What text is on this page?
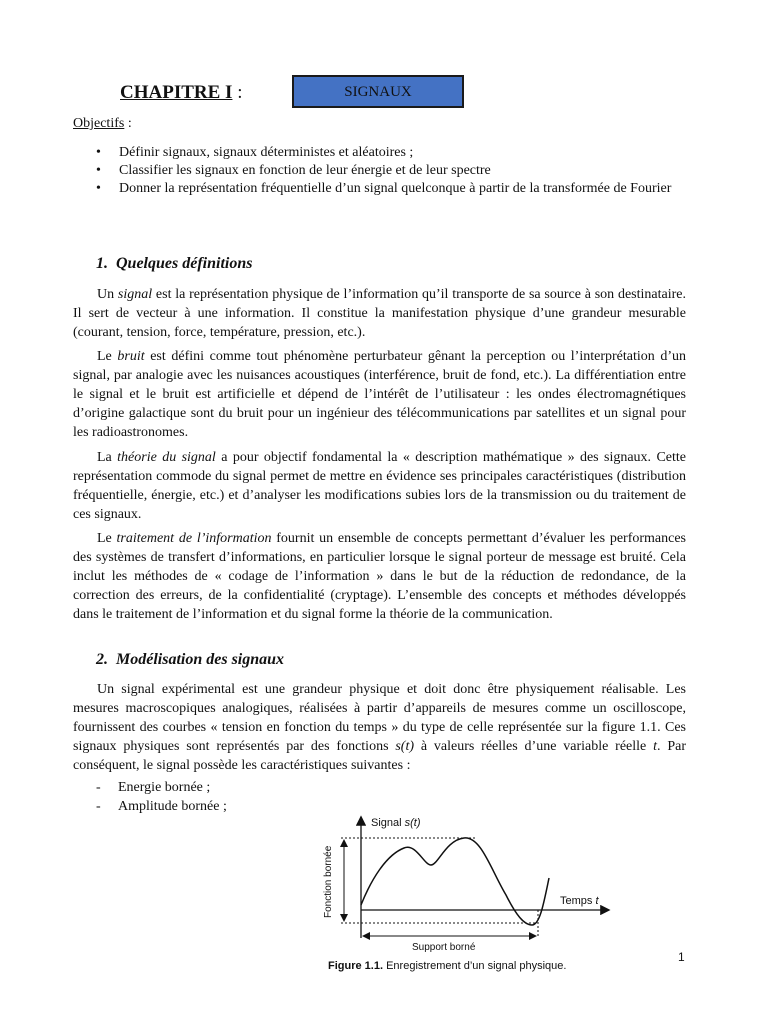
CHAPITRE I :	SIGNAUX
Objectifs :
• Définir signaux, signaux déterministes et aléatoires ;
• Classifier les signaux en fonction de leur énergie et de leur spectre
• Donner la représentation fréquentielle d’un signal quelconque à partir de la transformée de Fourier
1. Quelques définitions

Un signal est la représentation physique de l’information qu’il transporte de sa source à son destinataire. Il sert de vecteur à une information. Il constitue la manifestation physique d’une grandeur mesurable (courant, tension, force, température, pression, etc.).

Le bruit est défini comme tout phénomène perturbateur gênant la perception ou l’interprétation d’un signal, par analogie avec les nuisances acoustiques (interférence, bruit de fond, etc.). La différentiation entre le signal et le bruit est artificielle et dépend de l’intérêt de l’utilisateur : les ondes électromagnétiques d’origine galactique sont du bruit pour un ingénieur des télécommunications par satellites et un signal pour les radioastronomes.

La théorie du signal a pour objectif fondamental la « description mathématique » des signaux. Cette représentation commode du signal permet de mettre en évidence ses principales caractéristiques (distribution fréquentielle, énergie, etc.) et d’analyser les modifications subies lors de la transmission ou du traitement de ces signaux.

Le traitement de l’information fournit un ensemble de concepts permettant d’évaluer les performances des systèmes de transfert d’informations, en particulier lorsque le signal porteur de message est bruité. Cela inclut les méthodes de « codage de l’information » dans le but de la réduction de redondance, de la correction des erreurs, de la confidentialité (cryptage). L’ensemble des concepts et méthodes développés dans le traitement de l’information et du signal forme la théorie de la communication.

2. Modélisation des signaux

Un signal expérimental est une grandeur physique et doit donc être physiquement réalisable. Les mesures macroscopiques analogiques, réalisées à partir d’appareils de mesures comme un oscilloscope, fournissent des courbes « tension en fonction du temps » du type de celle représentée sur la figure 1.1. Ces signaux physiques sont représentés par des fonctions s(t) à valeurs réelles d’une variable réelle t. Par conséquent, le signal possède les caractéristiques suivantes :

- Energie bornée ;
- Amplitude bornée ;
Signal s(t)
Temps t
Fonction bornée
Support borné
Figure 1.1. Enregistrement d’un signal physique.
1
